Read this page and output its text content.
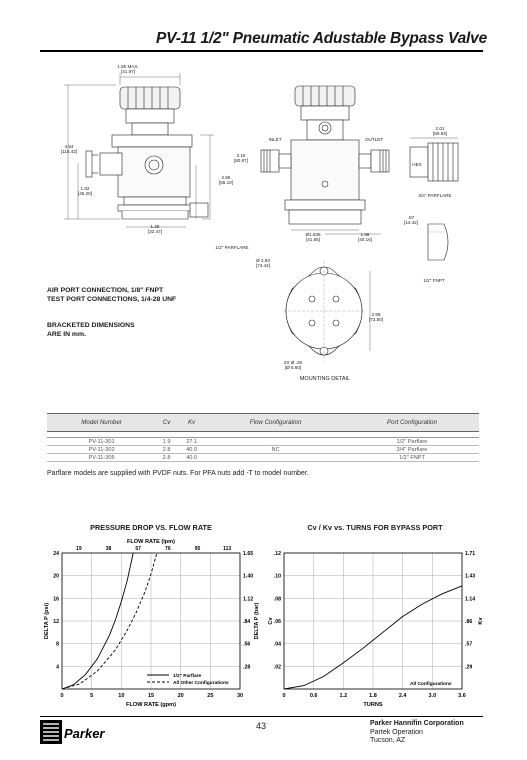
PV-11 1/2" Pneumatic Adustable Bypass Valve
1.65 MAX.
[41.97]
4.54
[115.42]
1.82
[46.20]
3.18
[80.87]
2.56
[65.10]
1.28
[32.47]
1/2" PARFLARE
INLET	OUTLET
Ø1.636
[41.55]
1.58
[40.16]
2.01
[50.93]
HEX
3/4" PARFLARE
.57
[14.42]
1/2" FNPT
Ø 2.93
[74.42]
2.89
[73.50]
2X Ø .26
[Ø 6.60]
MOUNTING DETAIL
AIR PORT CONNECTION, 1/8" FNPT
TEST PORT CONNECTIONS, 1/4-28 UNF
BRACKETED DIMENSIONS
ARE IN mm.
Model Number	Cv	Kv	Flow Configuration	Port Configuration

PV-11-301	1.9	27.1		1/2" Parflare
PV-11-302	2.8	40.0	NC	3/4" Parflare
PV-11-305	2.8	40.0		1/2" FNPT
Parflare models are supplied with PVDF nuts. For PFA nuts add -T to model number.
PRESSURE DROP VS. FLOW RATE
0	5	10	15	20	25	30
19	38	57	76	95	113
4
8
12
16
20
24
.28
.56
.84
1.12
1.40
1.65
FLOW RATE (gpm)
FLOW RATE (lpm)
DELTA P (psi)	DELTA P (bar)
1/2" Parflare
All Other Configurations
Cv / Kv vs. TURNS FOR BYPASS PORT
0	0.6	1.2	1.8	2.4	3.0	3.6
.02
.04
.06
.08
.10
.12
.29
.57
.86
1.14
1.43
1.71
TURNS
Cv	Kv
All Configurations
Parker	43	Parker Hannifin Corporation
Partek Operation
Tucson, AZ
